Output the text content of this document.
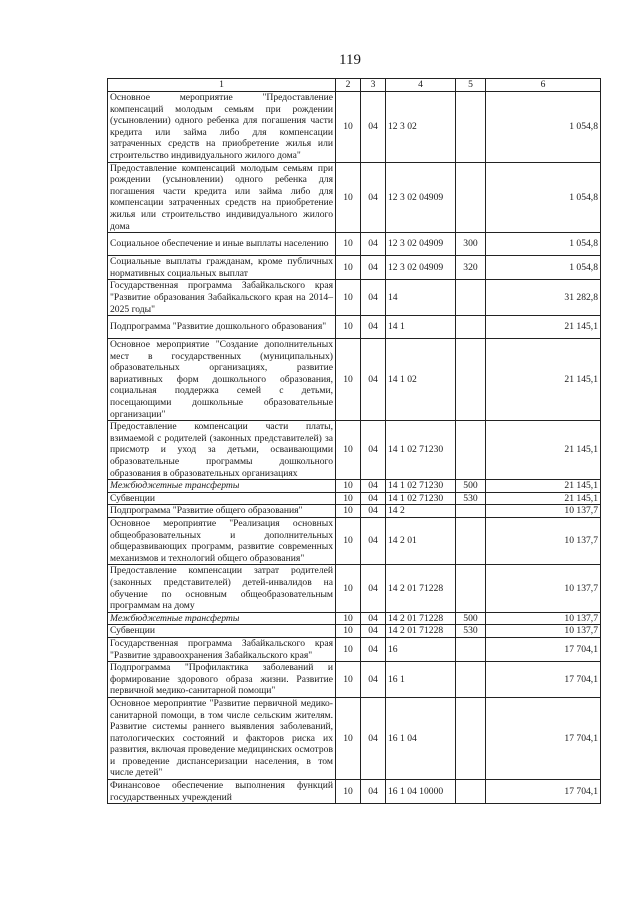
119
1	2	3	4	5	6
Основное мероприятие "Предоставление компенсаций молодым семьям при рождении (усыновлении) одного ребенка для погашения части кредита или займа либо для компенсации затраченных средств на приобретение жилья или строительство индивидуального жилого дома"	10	04	12 3 02		1 054,8
Предоставление компенсаций молодым семьям при рождении (усыновлении) одного ребенка для погашения части кредита или займа либо для компенсации затраченных средств на приобретение жилья или строительство индивидуального жилого дома	10	04	12 3 02 04909		1 054,8
Социальное обеспечение и иные выплаты населению	10	04	12 3 02 04909	300	1 054,8
Социальные выплаты гражданам, кроме публичных нормативных социальных выплат	10	04	12 3 02 04909	320	1 054,8
Государственная программа Забайкальского края "Развитие образования Забайкальского края на 2014–2025 годы"	10	04	14		31 282,8
Подпрограмма "Развитие дошкольного образования"	10	04	14 1		21 145,1
Основное мероприятие "Создание дополнительных мест в государственных (муниципальных) образовательных организациях, развитие вариативных форм дошкольного образования, социальная поддержка семей с детьми, посещающими дошкольные образовательные организации"	10	04	14 1 02		21 145,1
Предоставление компенсации части платы, взимаемой с родителей (законных представителей) за присмотр и уход за детьми, осваивающими образовательные программы дошкольного образования в образовательных организациях	10	04	14 1 02 71230		21 145,1
Межбюджетные трансферты	10	04	14 1 02 71230	500	21 145,1
Субвенции	10	04	14 1 02 71230	530	21 145,1
Подпрограмма "Развитие общего образования"	10	04	14 2		10 137,7
Основное мероприятие "Реализация основных общеобразовательных и дополнительных общеразвивающих программ, развитие современных механизмов и технологий общего образования"	10	04	14 2 01		10 137,7
Предоставление компенсации затрат родителей (законных представителей) детей-инвалидов на обучение по основным общеобразовательным программам на дому	10	04	14 2 01 71228		10 137,7
Межбюджетные трансферты	10	04	14 2 01 71228	500	10 137,7
Субвенции	10	04	14 2 01 71228	530	10 137,7
Государственная программа Забайкальского края "Развитие здравоохранения Забайкальского края"	10	04	16		17 704,1
Подпрограмма "Профилактика заболеваний и формирование здорового образа жизни. Развитие первичной медико-санитарной помощи"	10	04	16 1		17 704,1
Основное мероприятие "Развитие первичной медико-санитарной помощи, в том числе сельским жителям. Развитие системы раннего выявления заболеваний, патологических состояний и факторов риска их развития, включая проведение медицинских осмотров и проведение диспансеризации населения, в том числе детей"	10	04	16 1 04		17 704,1
Финансовое обеспечение выполнения функций государственных учреждений	10	04	16 1 04 10000		17 704,1
